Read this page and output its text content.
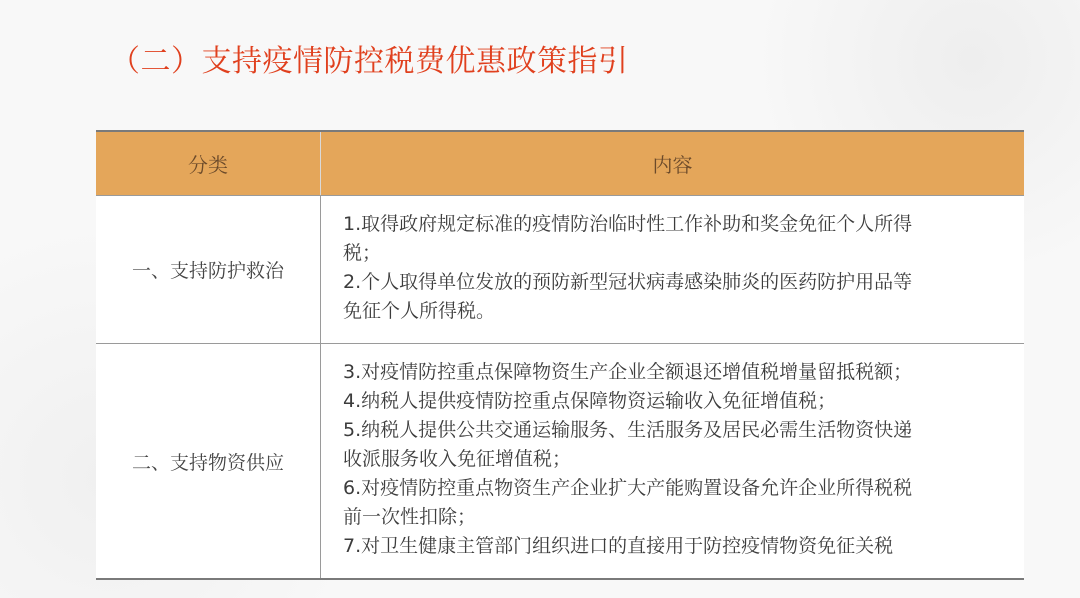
（二）支持疫情防控税费优惠政策指引
分类	内容
一、支持防护救治
1.取得政府规定标准的疫情防治临时性工作补助和奖金免征个人所得
税；
2.个人取得单位发放的预防新型冠状病毒感染肺炎的医药防护用品等
免征个人所得税。
二、支持物资供应
3.对疫情防控重点保障物资生产企业全额退还增值税增量留抵税额；
4.纳税人提供疫情防控重点保障物资运输收入免征增值税；
5.纳税人提供公共交通运输服务、生活服务及居民必需生活物资快递
收派服务收入免征增值税；
6.对疫情防控重点物资生产企业扩大产能购置设备允许企业所得税税
前一次性扣除；
7.对卫生健康主管部门组织进口的直接用于防控疫情物资免征关税
